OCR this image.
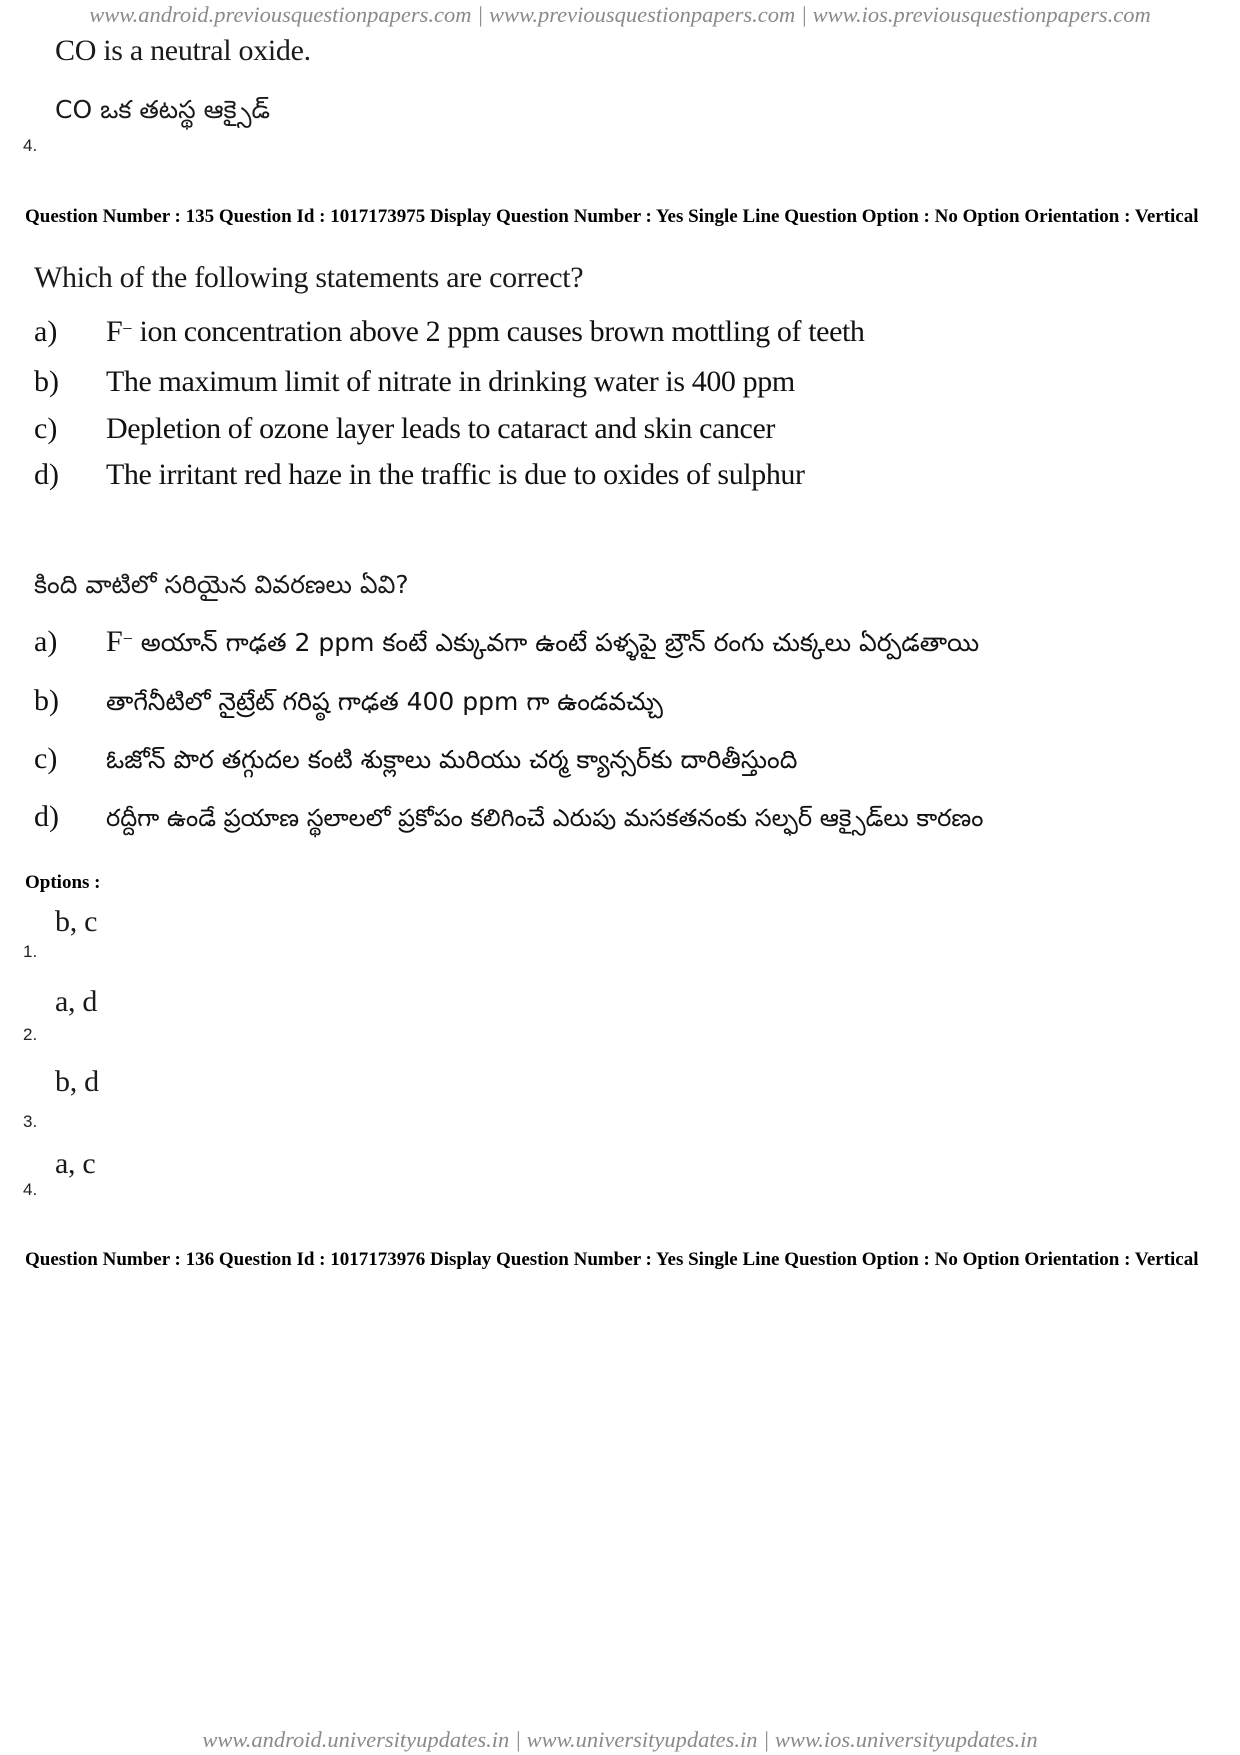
www.android.previousquestionpapers.com | www.previousquestionpapers.com | www.ios.previousquestionpapers.com
CO is a neutral oxide.
CO ఒక తటస్థ ఆక్సైడ్
4.
Question Number : 135 Question Id : 1017173975 Display Question Number : Yes Single Line Question Option : No Option Orientation : Vertical
Which of the following statements are correct?
a) F− ion concentration above 2 ppm causes brown mottling of teeth
b) The maximum limit of nitrate in drinking water is 400 ppm
c) Depletion of ozone layer leads to cataract and skin cancer
d) The irritant red haze in the traffic is due to oxides of sulphur
కింది వాటిలో సరియైన వివరణలు ఏవి?
a) F− అయాన్ గాఢత 2 ppm కంటే ఎక్కువగా ఉంటే పళ్ళపై బ్రౌన్ రంగు చుక్కలు ఏర్పడతాయి
b) తాగేనీటిలో నైట్రేట్ గరిష్ఠ గాఢత 400 ppm గా ఉండవచ్చు
c) ఓజోన్ పొర తగ్గుదల కంటి శుక్లాలు మరియు చర్మ క్యాన్సర్‌కు దారితీస్తుంది
d) రద్దీగా ఉండే ప్రయాణ స్థలాలలో ప్రకోపం కలిగించే ఎరుపు మసకతనంకు సల్ఫర్ ఆక్సైడ్‌లు కారణం
Options :
b, c
1.
a, d
2.
b, d
3.
a, c
4.
Question Number : 136 Question Id : 1017173976 Display Question Number : Yes Single Line Question Option : No Option Orientation : Vertical
www.android.universityupdates.in | www.universityupdates.in | www.ios.universityupdates.in
